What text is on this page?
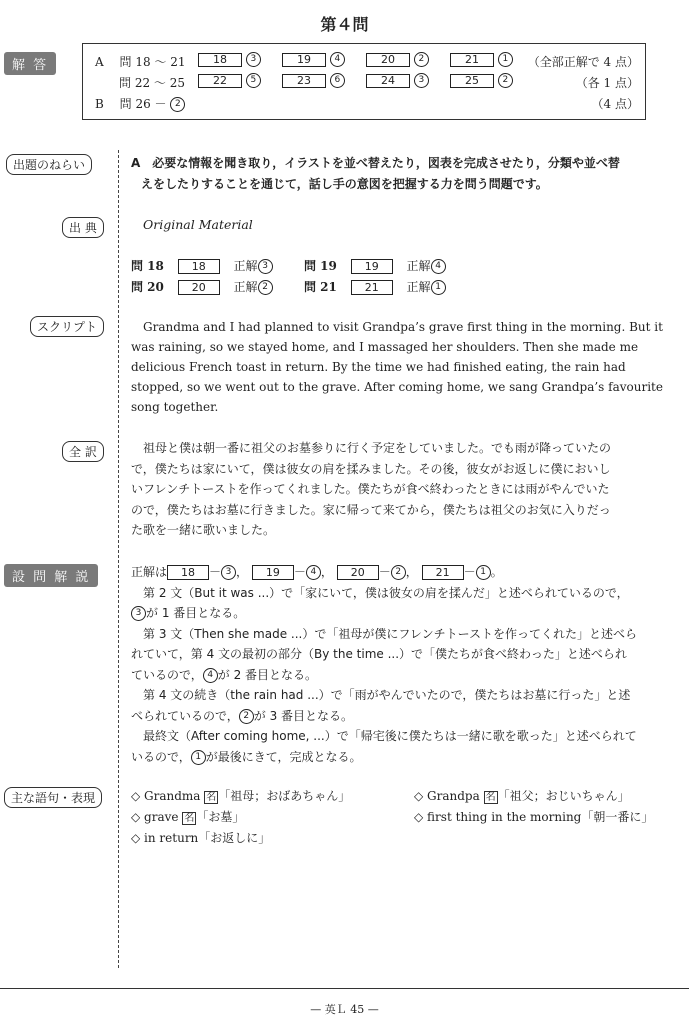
第４問
解 答	A 問 18 ～ 21	18	3	19	4	20	2	21	1	（全部正解で 4 点）
問 22 ～ 25	22	5	23	6	24	3	25	2	（各 1 点）
B 問 26 － 2	（4 点）
出題のねらい	A　必要な情報を聞き取り，イラストを並べ替えたり，図表を完成させたり，分類や並べ替
えをしたりすることを通じて，話し手の意図を把握する力を問う問題です。
出 典	Original Material
問 18	18 正解 3	問 19	19 正解 4
問 20	20 正解 2	問 21	21 正解 1
スクリプト	Grandma and I had planned to visit Grandpa’s grave first thing in the morning. But it
was raining, so we stayed home, and I massaged her shoulders. Then she made me
delicious French toast in return. By the time we had finished eating, the rain had
stopped, so we went out to the grave. After coming home, we sang Grandpa’s favourite
song together.
全 訳	祖母と僕は朝一番に祖父のお墓参りに行く予定をしていました。でも雨が降っていたの
で，僕たちは家にいて，僕は彼女の肩を揉みました。その後，彼女がお返しに僕においし
いフレンチトーストを作ってくれました。僕たちが食べ終わったときには雨がやんでいた
ので，僕たちはお墓に行きました。家に帰って来てから，僕たちは祖父のお気に入りだっ
た歌を一緒に歌いました。
設 問 解 説	正解は 18 － 3 ， 19 － 4 ， 20 － 2 ， 21 － 1 。
第 2 文（But it was ...）で「家にいて，僕は彼女の肩を揉んだ」と述べられているので，
3 が 1 番目となる。
第 3 文（Then she made ...）で「祖母が僕にフレンチトーストを作ってくれた」と述べら
れていて，第 4 文の最初の部分（By the time ...）で「僕たちが食べ終わった」と述べられ
ているので， 4 が 2 番目となる。
第 4 文の続き（the rain had ...）で「雨がやんでいたので，僕たちはお墓に行った」と述
べられているので， 2 が 3 番目となる。
最終文（After coming home, ...）で「帰宅後に僕たちは一緒に歌を歌った」と述べられて
いるので， 1 が最後にきて，完成となる。
主な語句・表現	◇ Grandma 名 「祖母；おばあちゃん」	◇ Grandpa 名 「祖父；おじいちゃん」
◇ grave 名 「お墓」	◇ first thing in the morning「朝一番に」
◇ in return「お返しに」
— 英Ｌ 45 —
